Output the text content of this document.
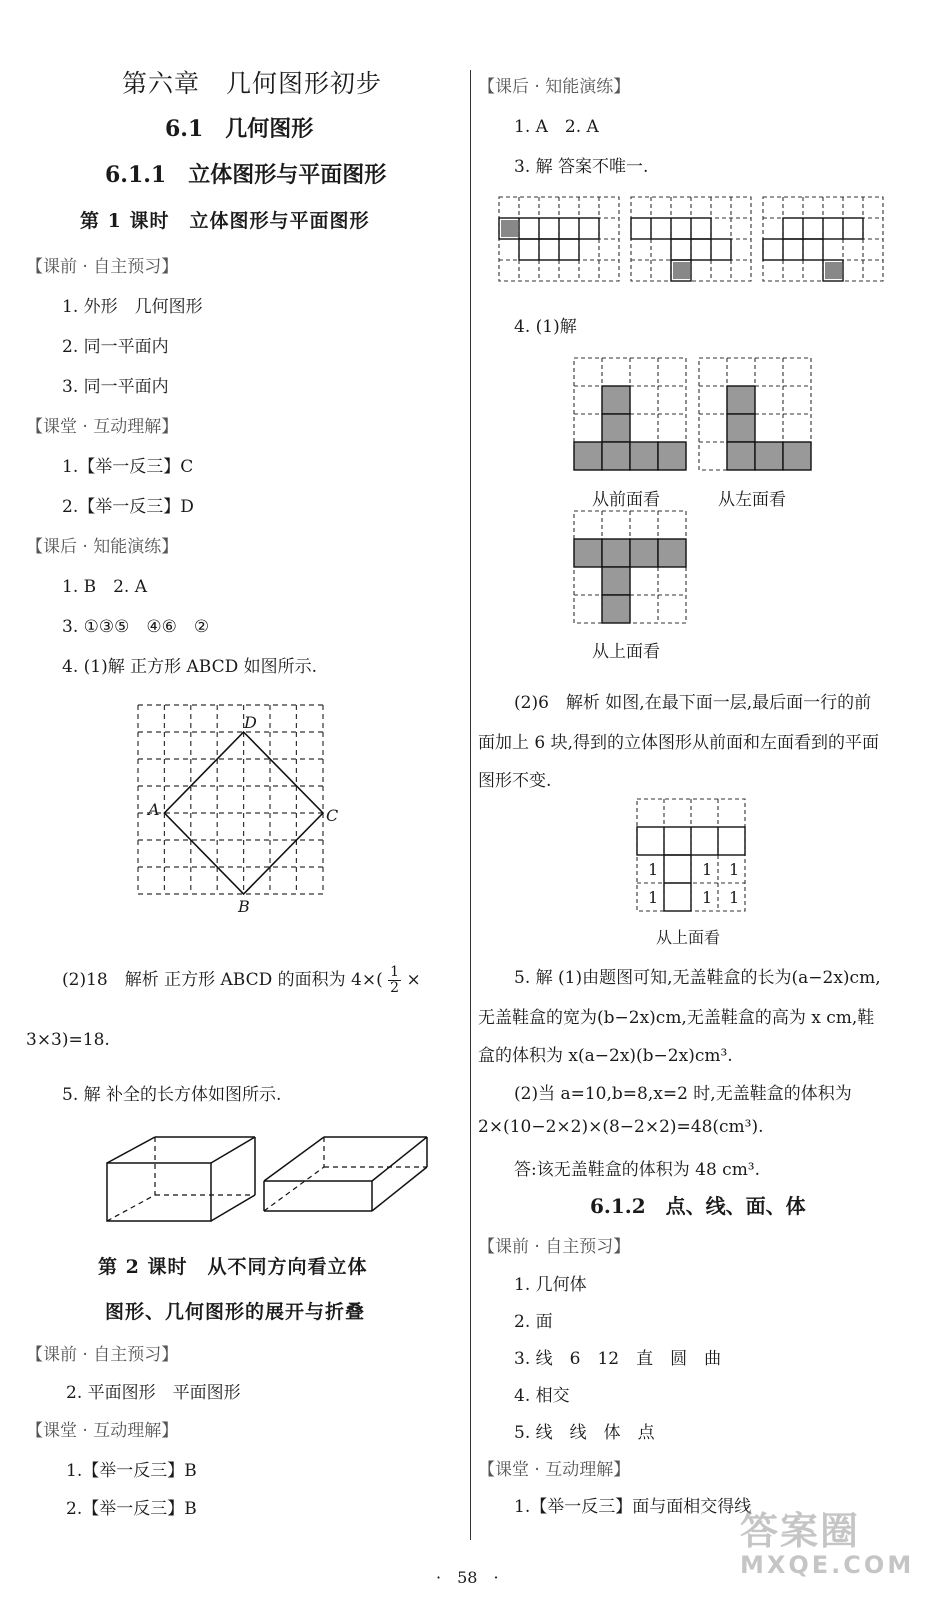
第六章　几何图形初步
6.1　几何图形
6.1.1　立体图形与平面图形
第 1 课时　立体图形与平面图形
【课前 · 自主预习】
1. 外形　几何图形
2. 同一平面内
3. 同一平面内
【课堂 · 互动理解】
1.【举一反三】C
2.【举一反三】D
【课后 · 知能演练】
1. B　2. A
3. ①③⑤　④⑥　②
4. (1)解 正方形 ABCD 如图所示.
D
A	C
B
(2)18　解析 正方形 ABCD 的面积为 $4\times( \frac{1}{2}$ ×
3×3)=18.
5. 解 补全的长方体如图所示.
第 2 课时　从不同方向看立体
图形、几何图形的展开与折叠
【课前 · 自主预习】
2. 平面图形　平面图形
【课堂 · 互动理解】
1.【举一反三】B
2.【举一反三】B
【课后 · 知能演练】
1. A　2. A
3. 解 答案不唯一.
4. (1)解
从前面看	从左面看
从上面看
(2)6　解析 如图,在最下面一层,最后面一行的前
面加上 6 块,得到的立体图形从前面和左面看到的平面
图形不变.
1	1 1
1	1 1
从上面看
5. 解 (1)由题图可知,无盖鞋盒的长为(a−2x)cm,
无盖鞋盒的宽为(b−2x)cm,无盖鞋盒的高为 x cm,鞋
盒的体积为 x(a−2x)(b−2x)cm³.
(2)当 a=10,b=8,x=2 时,无盖鞋盒的体积为
2×(10−2×2)×(8−2×2)=48(cm³).
答:该无盖鞋盒的体积为 48 cm³.
6.1.2　点、线、面、体
【课前 · 自主预习】
1. 几何体
2. 面
3. 线　6　12　直　圆　曲
4. 相交
5. 线　线　体　点
【课堂 · 互动理解】
1.【举一反三】面与面相交得线
·　58　·
答案圈
MXQE.COM
